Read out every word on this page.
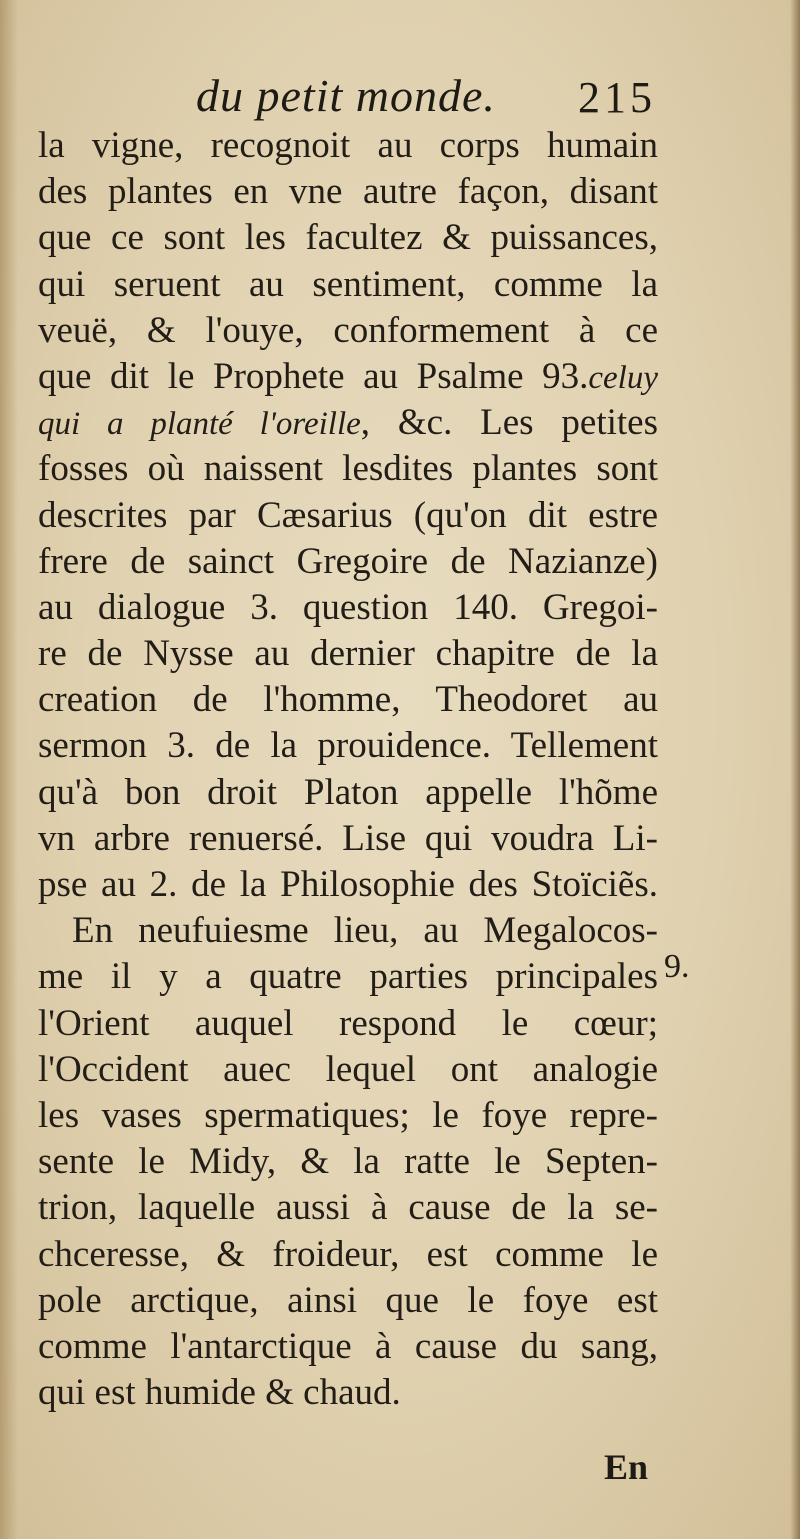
du petit monde. 215
la vigne, recognoit au corps humain
des plantes en vne autre façon, disant
que ce sont les facultez & puissances,
qui seruent au sentiment, comme la
veuë, & l'ouye, conformement à ce
que dit le Prophete au Psalme 93.celuy
qui a planté l'oreille, &c. Les petites
fosses où naissent lesdites plantes sont
descrites par Cæsarius (qu'on dit estre
frere de sainct Gregoire de Nazianze)
au dialogue 3. question 140. Gregoi-
re de Nysse au dernier chapitre de la
creation de l'homme, Theodoret au
sermon 3. de la prouidence. Tellement
qu'à bon droit Platon appelle l'hõme
vn arbre renuersé. Lise qui voudra Li-
pse au 2. de la Philosophie des Stoïciẽs.
En neufuiesme lieu, au Megalocos-
me il y a quatre parties principales
l'Orient auquel respond le cœur;
l'Occident auec lequel ont analogie
les vases spermatiques; le foye repre-
sente le Midy, & la ratte le Septen-
trion, laquelle aussi à cause de la se-
chceresse, & froideur, est comme le
pole arctique, ainsi que le foye est
comme l'antarctique à cause du sang,
qui est humide & chaud.
9.
En
